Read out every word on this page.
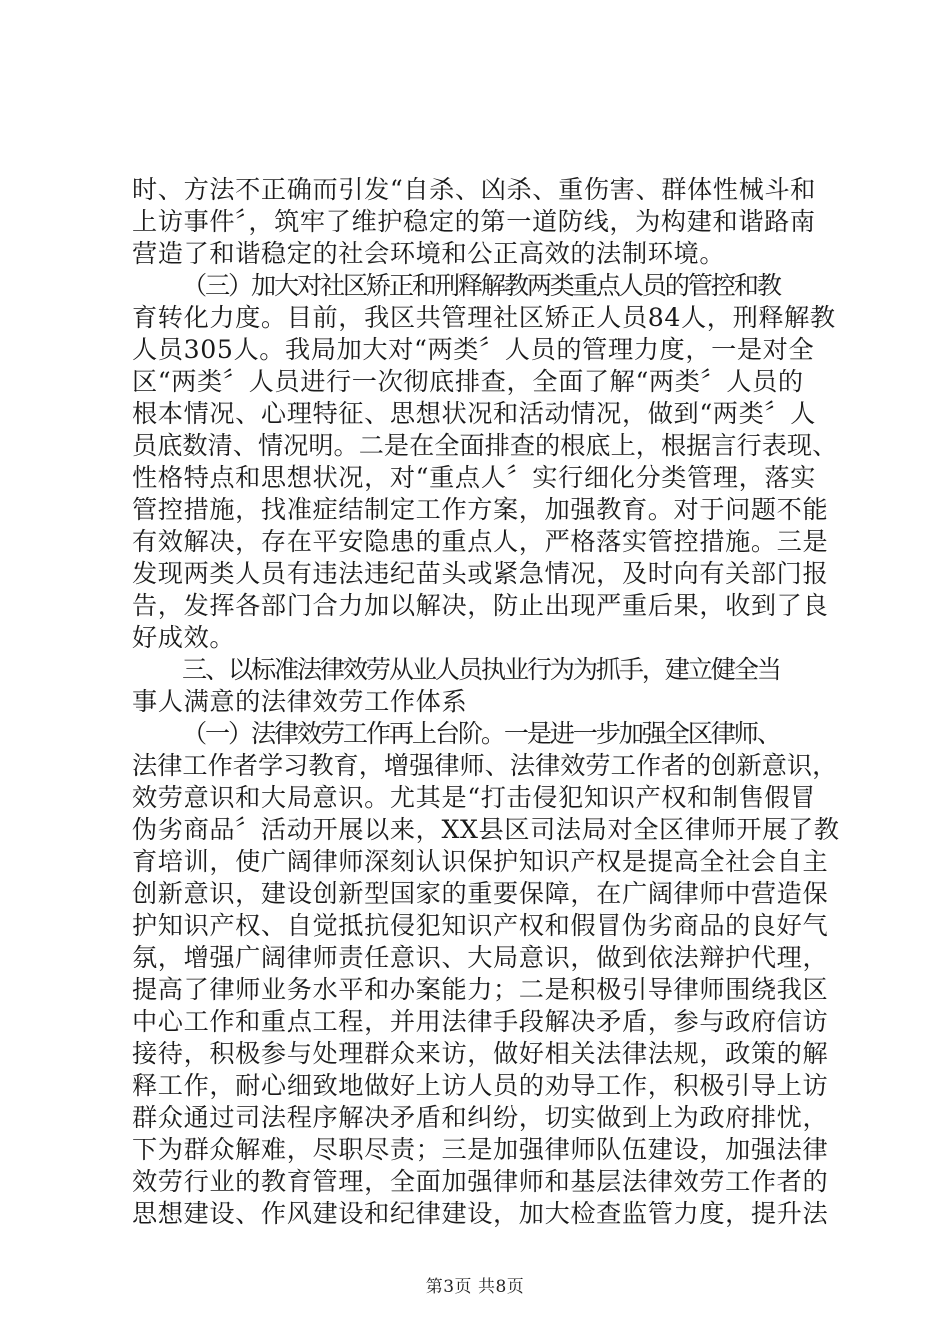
时、方法不正确而引发“自杀、凶杀、重伤害、群体性械斗和
上访事件〞，筑牢了维护稳定的第一道防线，为构建和谐路南
营造了和谐稳定的社会环境和公正高效的法制环境。
（三）加大对社区矫正和刑释解教两类重点人员的管控和教
育转化力度。目前，我区共管理社区矫正人员84人，刑释解教
人员305人。我局加大对“两类〞人员的管理力度，一是对全
区“两类〞人员进行一次彻底排查，全面了解“两类〞人员的
根本情况、心理特征、思想状况和活动情况，做到“两类〞人
员底数清、情况明。二是在全面排查的根底上，根据言行表现、
性格特点和思想状况，对“重点人〞实行细化分类管理，落实
管控措施，找准症结制定工作方案，加强教育。对于问题不能
有效解决，存在平安隐患的重点人，严格落实管控措施。三是
发现两类人员有违法违纪苗头或紧急情况，及时向有关部门报
告，发挥各部门合力加以解决，防止出现严重后果，收到了良
好成效。
三、以标准法律效劳从业人员执业行为为抓手，建立健全当
事人满意的法律效劳工作体系
（一）法律效劳工作再上台阶。一是进一步加强全区律师、
法律工作者学习教育，增强律师、法律效劳工作者的创新意识，
效劳意识和大局意识。尤其是“打击侵犯知识产权和制售假冒
伪劣商品〞活动开展以来，XX县区司法局对全区律师开展了教
育培训，使广阔律师深刻认识保护知识产权是提高全社会自主
创新意识，建设创新型国家的重要保障，在广阔律师中营造保
护知识产权、自觉抵抗侵犯知识产权和假冒伪劣商品的良好气
氛，增强广阔律师责任意识、大局意识，做到依法辩护代理，
提高了律师业务水平和办案能力；二是积极引导律师围绕我区
中心工作和重点工程，并用法律手段解决矛盾，参与政府信访
接待，积极参与处理群众来访，做好相关法律法规，政策的解
释工作，耐心细致地做好上访人员的劝导工作，积极引导上访
群众通过司法程序解决矛盾和纠纷，切实做到上为政府排忧，
下为群众解难，尽职尽责；三是加强律师队伍建设，加强法律
效劳行业的教育管理，全面加强律师和基层法律效劳工作者的
思想建设、作风建设和纪律建设，加大检查监管力度，提升法
第3页 共8页
